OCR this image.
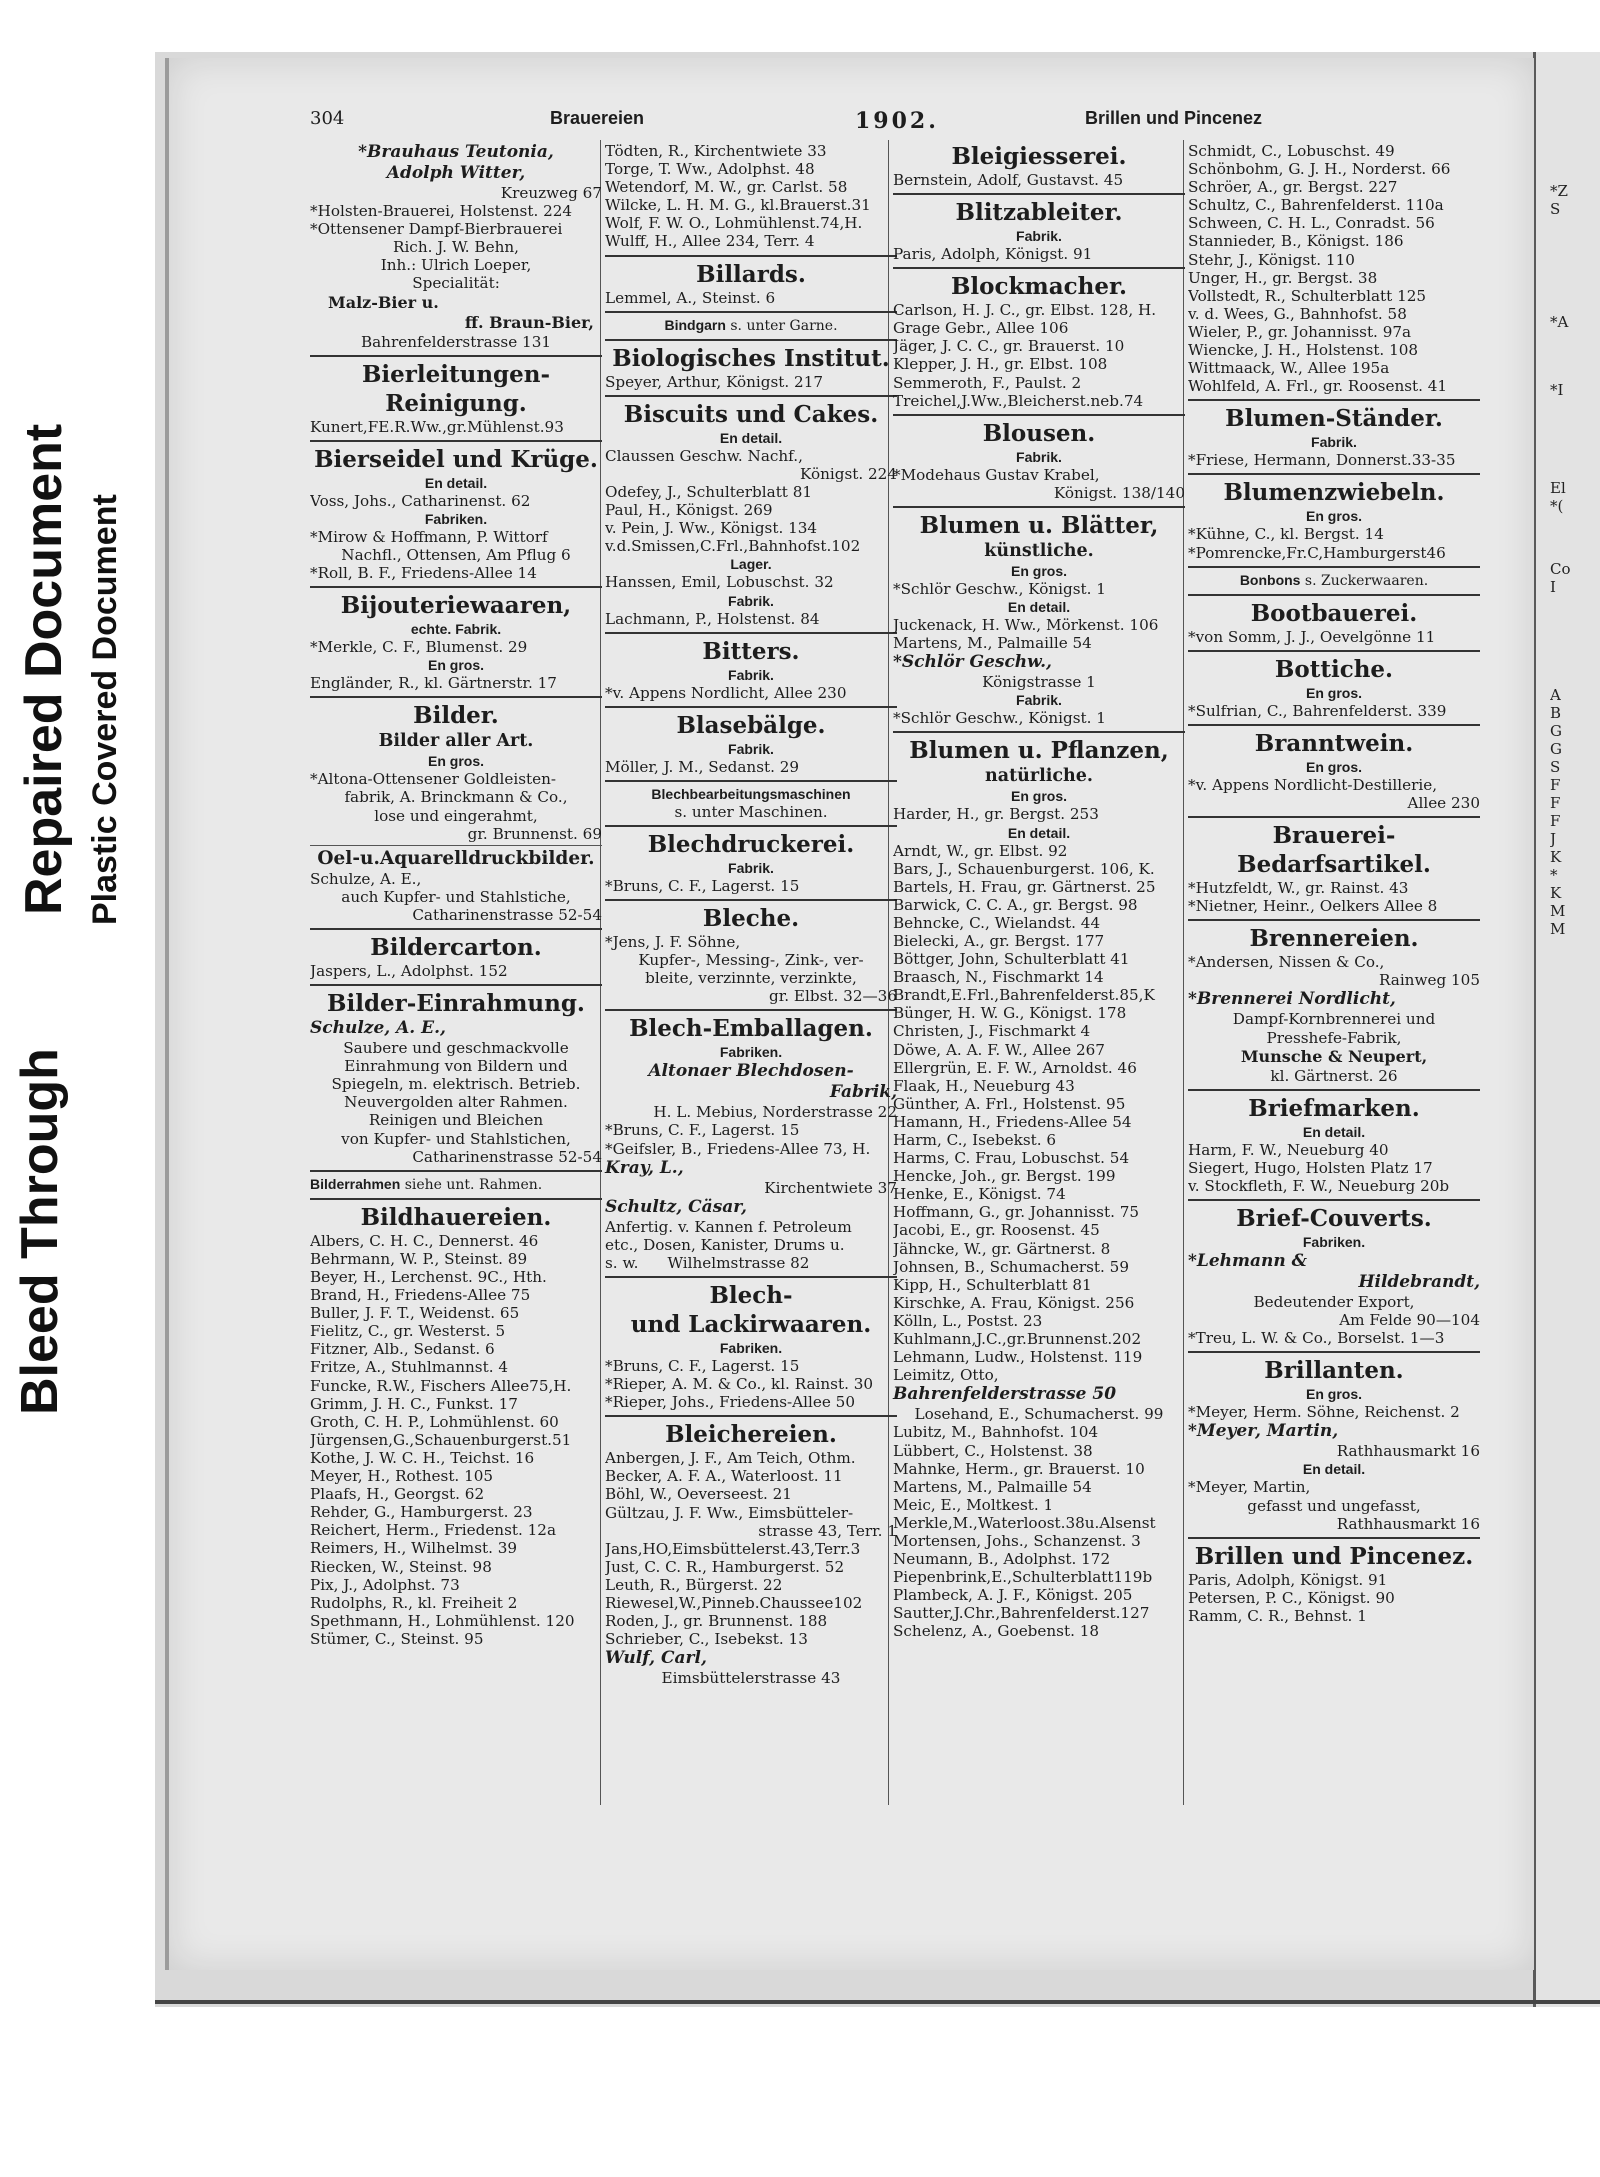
Bleed Through
Repaired Document Plastic Covered Document
*Z
S
*A
*I
El
*(
Co
I
A
B
G
G
S
F
F
F
J
K
*
K
M
M
304	Brauereien	1902.	Brillen und Pincenez
*Brauhaus Teutonia,
Adolph Witter,
Kreuzweg 67
*Holsten-Brauerei, Holstenst. 224
*Ottensener Dampf-Bierbrauerei
Rich. J. W. Behn,
Inh.: Ulrich Loeper,
Specialität:
Malz-Bier u.
ff. Braun-Bier,
Bahrenfelderstrasse 131
Bierleitungen-
Reinigung.
Kunert,FE.R.Ww.,gr.Mühlenst.93
Bierseidel und Krüge.
En detail.
Voss, Johs., Catharinenst. 62
Fabriken.
*Mirow & Hoffmann, P. Wittorf
Nachfl., Ottensen, Am Pflug 6
*Roll, B. F., Friedens-Allee 14
Bijouteriewaaren,
echte. Fabrik.
*Merkle, C. F., Blumenst. 29
En gros.
Engländer, R., kl. Gärtnerstr. 17
Bilder.
Bilder aller Art.
En gros.
*Altona-Ottensener Goldleisten-
fabrik, A. Brinckmann & Co.,
lose und eingerahmt,
gr. Brunnenst. 69
Oel-u.Aquarelldruckbilder.
Schulze, A. E.,
auch Kupfer- und Stahlstiche,
Catharinenstrasse 52-54
Bildercarton.
Jaspers, L., Adolphst. 152
Bilder-Einrahmung.
Schulze, A. E.,
Saubere und geschmackvolle
Einrahmung von Bildern und
Spiegeln, m. elektrisch. Betrieb.
Neuvergolden alter Rahmen.
Reinigen und Bleichen
von Kupfer- und Stahlstichen,
Catharinenstrasse 52-54
Bilderrahmen siehe unt. Rahmen.
Bildhauereien.
Albers, C. H. C., Dennerst. 46
Behrmann, W. P., Steinst. 89
Beyer, H., Lerchenst. 9C., Hth.
Brand, H., Friedens-Allee 75
Buller, J. F. T., Weidenst. 65
Fielitz, C., gr. Westerst. 5
Fitzner, Alb., Sedanst. 6
Fritze, A., Stuhlmannst. 4
Funcke, R.W., Fischers Allee75,H.
Grimm, J. H. C., Funkst. 17
Groth, C. H. P., Lohmühlenst. 60
Jürgensen,G.,Schauenburgerst.51
Kothe, J. W. C. H., Teichst. 16
Meyer, H., Rothest. 105
Plaafs, H., Georgst. 62
Rehder, G., Hamburgerst. 23
Reichert, Herm., Friedenst. 12a
Reimers, H., Wilhelmst. 39
Riecken, W., Steinst. 98
Pix, J., Adolphst. 73
Rudolphs, R., kl. Freiheit 2
Spethmann, H., Lohmühlenst. 120
Stümer, C., Steinst. 95
Tödten, R., Kirchentwiete 33
Torge, T. Ww., Adolphst. 48
Wetendorf, M. W., gr. Carlst. 58
Wilcke, L. H. M. G., kl.Brauerst.31
Wolf, F. W. O., Lohmühlenst.74,H.
Wulff, H., Allee 234, Terr. 4
Billards.
Lemmel, A., Steinst. 6
Bindgarn s. unter Garne.
Biologisches Institut.
Speyer, Arthur, Königst. 217
Biscuits und Cakes.
En detail.
Claussen Geschw. Nachf.,
Königst. 224
Odefey, J., Schulterblatt 81
Paul, H., Königst. 269
v. Pein, J. Ww., Königst. 134
v.d.Smissen,C.Frl.,Bahnhofst.102
Lager.
Hanssen, Emil, Lobuschst. 32
Fabrik.
Lachmann, P., Holstenst. 84
Bitters.
Fabrik.
*v. Appens Nordlicht, Allee 230
Blasebälge.
Fabrik.
Möller, J. M., Sedanst. 29
Blechbearbeitungsmaschinen
s. unter Maschinen.
Blechdruckerei.
Fabrik.
*Bruns, C. F., Lagerst. 15
Bleche.
*Jens, J. F. Söhne,
Kupfer-, Messing-, Zink-, ver-
bleite, verzinnte, verzinkte,
gr. Elbst. 32—36
Blech-Emballagen.
Fabriken.
Altonaer Blechdosen-
Fabrik,
H. L. Mebius, Norderstrasse 22
*Bruns, C. F., Lagerst. 15
*Geifsler, B., Friedens-Allee 73, H.
Kray, L.,
Kirchentwiete 37
Schultz, Cäsar,
Anfertig. v. Kannen f. Petroleum
etc., Dosen, Kanister, Drums u.
s. w.      Wilhelmstrasse 82
Blech-
und Lackirwaaren.
Fabriken.
*Bruns, C. F., Lagerst. 15
*Rieper, A. M. & Co., kl. Rainst. 30
*Rieper, Johs., Friedens-Allee 50
Bleichereien.
Anbergen, J. F., Am Teich, Othm.
Becker, A. F. A., Waterloost. 11
Böhl, W., Oeverseest. 21
Gültzau, J. F. Ww., Eimsbütteler-
strasse 43, Terr. 1
Jans,HO,Eimsbüttelerst.43,Terr.3
Just, C. C. R., Hamburgerst. 52
Leuth, R., Bürgerst. 22
Riewesel,W.,Pinneb.Chaussee102
Roden, J., gr. Brunnenst. 188
Schrieber, C., Isebekst. 13
Wulf, Carl,
Eimsbüttelerstrasse 43
Bleigiesserei.
Bernstein, Adolf, Gustavst. 45
Blitzableiter.
Fabrik.
Paris, Adolph, Königst. 91
Blockmacher.
Carlson, H. J. C., gr. Elbst. 128, H.
Grage Gebr., Allee 106
Jäger, J. C. C., gr. Brauerst. 10
Klepper, J. H., gr. Elbst. 108
Semmeroth, F., Paulst. 2
Treichel,J.Ww.,Bleicherst.neb.74
Blousen.
Fabrik.
*Modehaus Gustav Krabel,
Königst. 138/140
Blumen u. Blätter,
künstliche.
En gros.
*Schlör Geschw., Königst. 1
En detail.
Juckenack, H. Ww., Mörkenst. 106
Martens, M., Palmaille 54
*Schlör Geschw.,
Königstrasse 1
Fabrik.
*Schlör Geschw., Königst. 1
Blumen u. Pflanzen,
natürliche.
En gros.
Harder, H., gr. Bergst. 253
En detail.
Arndt, W., gr. Elbst. 92
Bars, J., Schauenburgerst. 106, K.
Bartels, H. Frau, gr. Gärtnerst. 25
Barwick, C. C. A., gr. Bergst. 98
Behncke, C., Wielandst. 44
Bielecki, A., gr. Bergst. 177
Böttger, John, Schulterblatt 41
Braasch, N., Fischmarkt 14
Brandt,E.Frl.,Bahrenfelderst.85,K
Bünger, H. W. G., Königst. 178
Christen, J., Fischmarkt 4
Döwe, A. A. F. W., Allee 267
Ellergrün, E. F. W., Arnoldst. 46
Flaak, H., Neueburg 43
Günther, A. Frl., Holstenst. 95
Hamann, H., Friedens-Allee 54
Harm, C., Isebekst. 6
Harms, C. Frau, Lobuschst. 54
Hencke, Joh., gr. Bergst. 199
Henke, E., Königst. 74
Hoffmann, G., gr. Johannisst. 75
Jacobi, E., gr. Roosenst. 45
Jähncke, W., gr. Gärtnerst. 8
Johnsen, B., Schumacherst. 59
Kipp, H., Schulterblatt 81
Kirschke, A. Frau, Königst. 256
Kölln, L., Postst. 23
Kuhlmann,J.C.,gr.Brunnenst.202
Lehmann, Ludw., Holstenst. 119
Leimitz, Otto,
Bahrenfelderstrasse 50
Losehand, E., Schumacherst. 99
Lubitz, M., Bahnhofst. 104
Lübbert, C., Holstenst. 38
Mahnke, Herm., gr. Brauerst. 10
Martens, M., Palmaille 54
Meic, E., Moltkest. 1
Merkle,M.,Waterloost.38u.Alsenst
Mortensen, Johs., Schanzenst. 3
Neumann, B., Adolphst. 172
Piepenbrink,E.,Schulterblatt119b
Plambeck, A. J. F., Königst. 205
Sautter,J.Chr.,Bahrenfelderst.127
Schelenz, A., Goebenst. 18
Schmidt, C., Lobuschst. 49
Schönbohm, G. J. H., Norderst. 66
Schröer, A., gr. Bergst. 227
Schultz, C., Bahrenfelderst. 110a
Schween, C. H. L., Conradst. 56
Stannieder, B., Königst. 186
Stehr, J., Königst. 110
Unger, H., gr. Bergst. 38
Vollstedt, R., Schulterblatt 125
v. d. Wees, G., Bahnhofst. 58
Wieler, P., gr. Johannisst. 97a
Wiencke, J. H., Holstenst. 108
Wittmaack, W., Allee 195a
Wohlfeld, A. Frl., gr. Roosenst. 41
Blumen-Ständer.
Fabrik.
*Friese, Hermann, Donnerst.33-35
Blumenzwiebeln.
En gros.
*Kühne, C., kl. Bergst. 14
*Pomrencke,Fr.C,Hamburgerst46
Bonbons s. Zuckerwaaren.
Bootbauerei.
*von Somm, J. J., Oevelgönne 11
Bottiche.
En gros.
*Sulfrian, C., Bahrenfelderst. 339
Branntwein.
En gros.
*v. Appens Nordlicht-Destillerie,
Allee 230
Brauerei-
Bedarfsartikel.
*Hutzfeldt, W., gr. Rainst. 43
*Nietner, Heinr., Oelkers Allee 8
Brennereien.
*Andersen, Nissen & Co.,
Rainweg 105
*Brennerei Nordlicht,
Dampf-Kornbrennerei und
Presshefe-Fabrik,
Munsche & Neupert,
kl. Gärtnerst. 26
Briefmarken.
En detail.
Harm, F. W., Neueburg 40
Siegert, Hugo, Holsten Platz 17
v. Stockfleth, F. W., Neueburg 20b
Brief-Couverts.
Fabriken.
*Lehmann &
Hildebrandt,
Bedeutender Export,
Am Felde 90—104
*Treu, L. W. & Co., Borselst. 1—3
Brillanten.
En gros.
*Meyer, Herm. Söhne, Reichenst. 2
*Meyer, Martin,
Rathhausmarkt 16
En detail.
*Meyer, Martin,
gefasst und ungefasst,
Rathhausmarkt 16
Brillen und Pincenez.
Paris, Adolph, Königst. 91
Petersen, P. C., Königst. 90
Ramm, C. R., Behnst. 1
